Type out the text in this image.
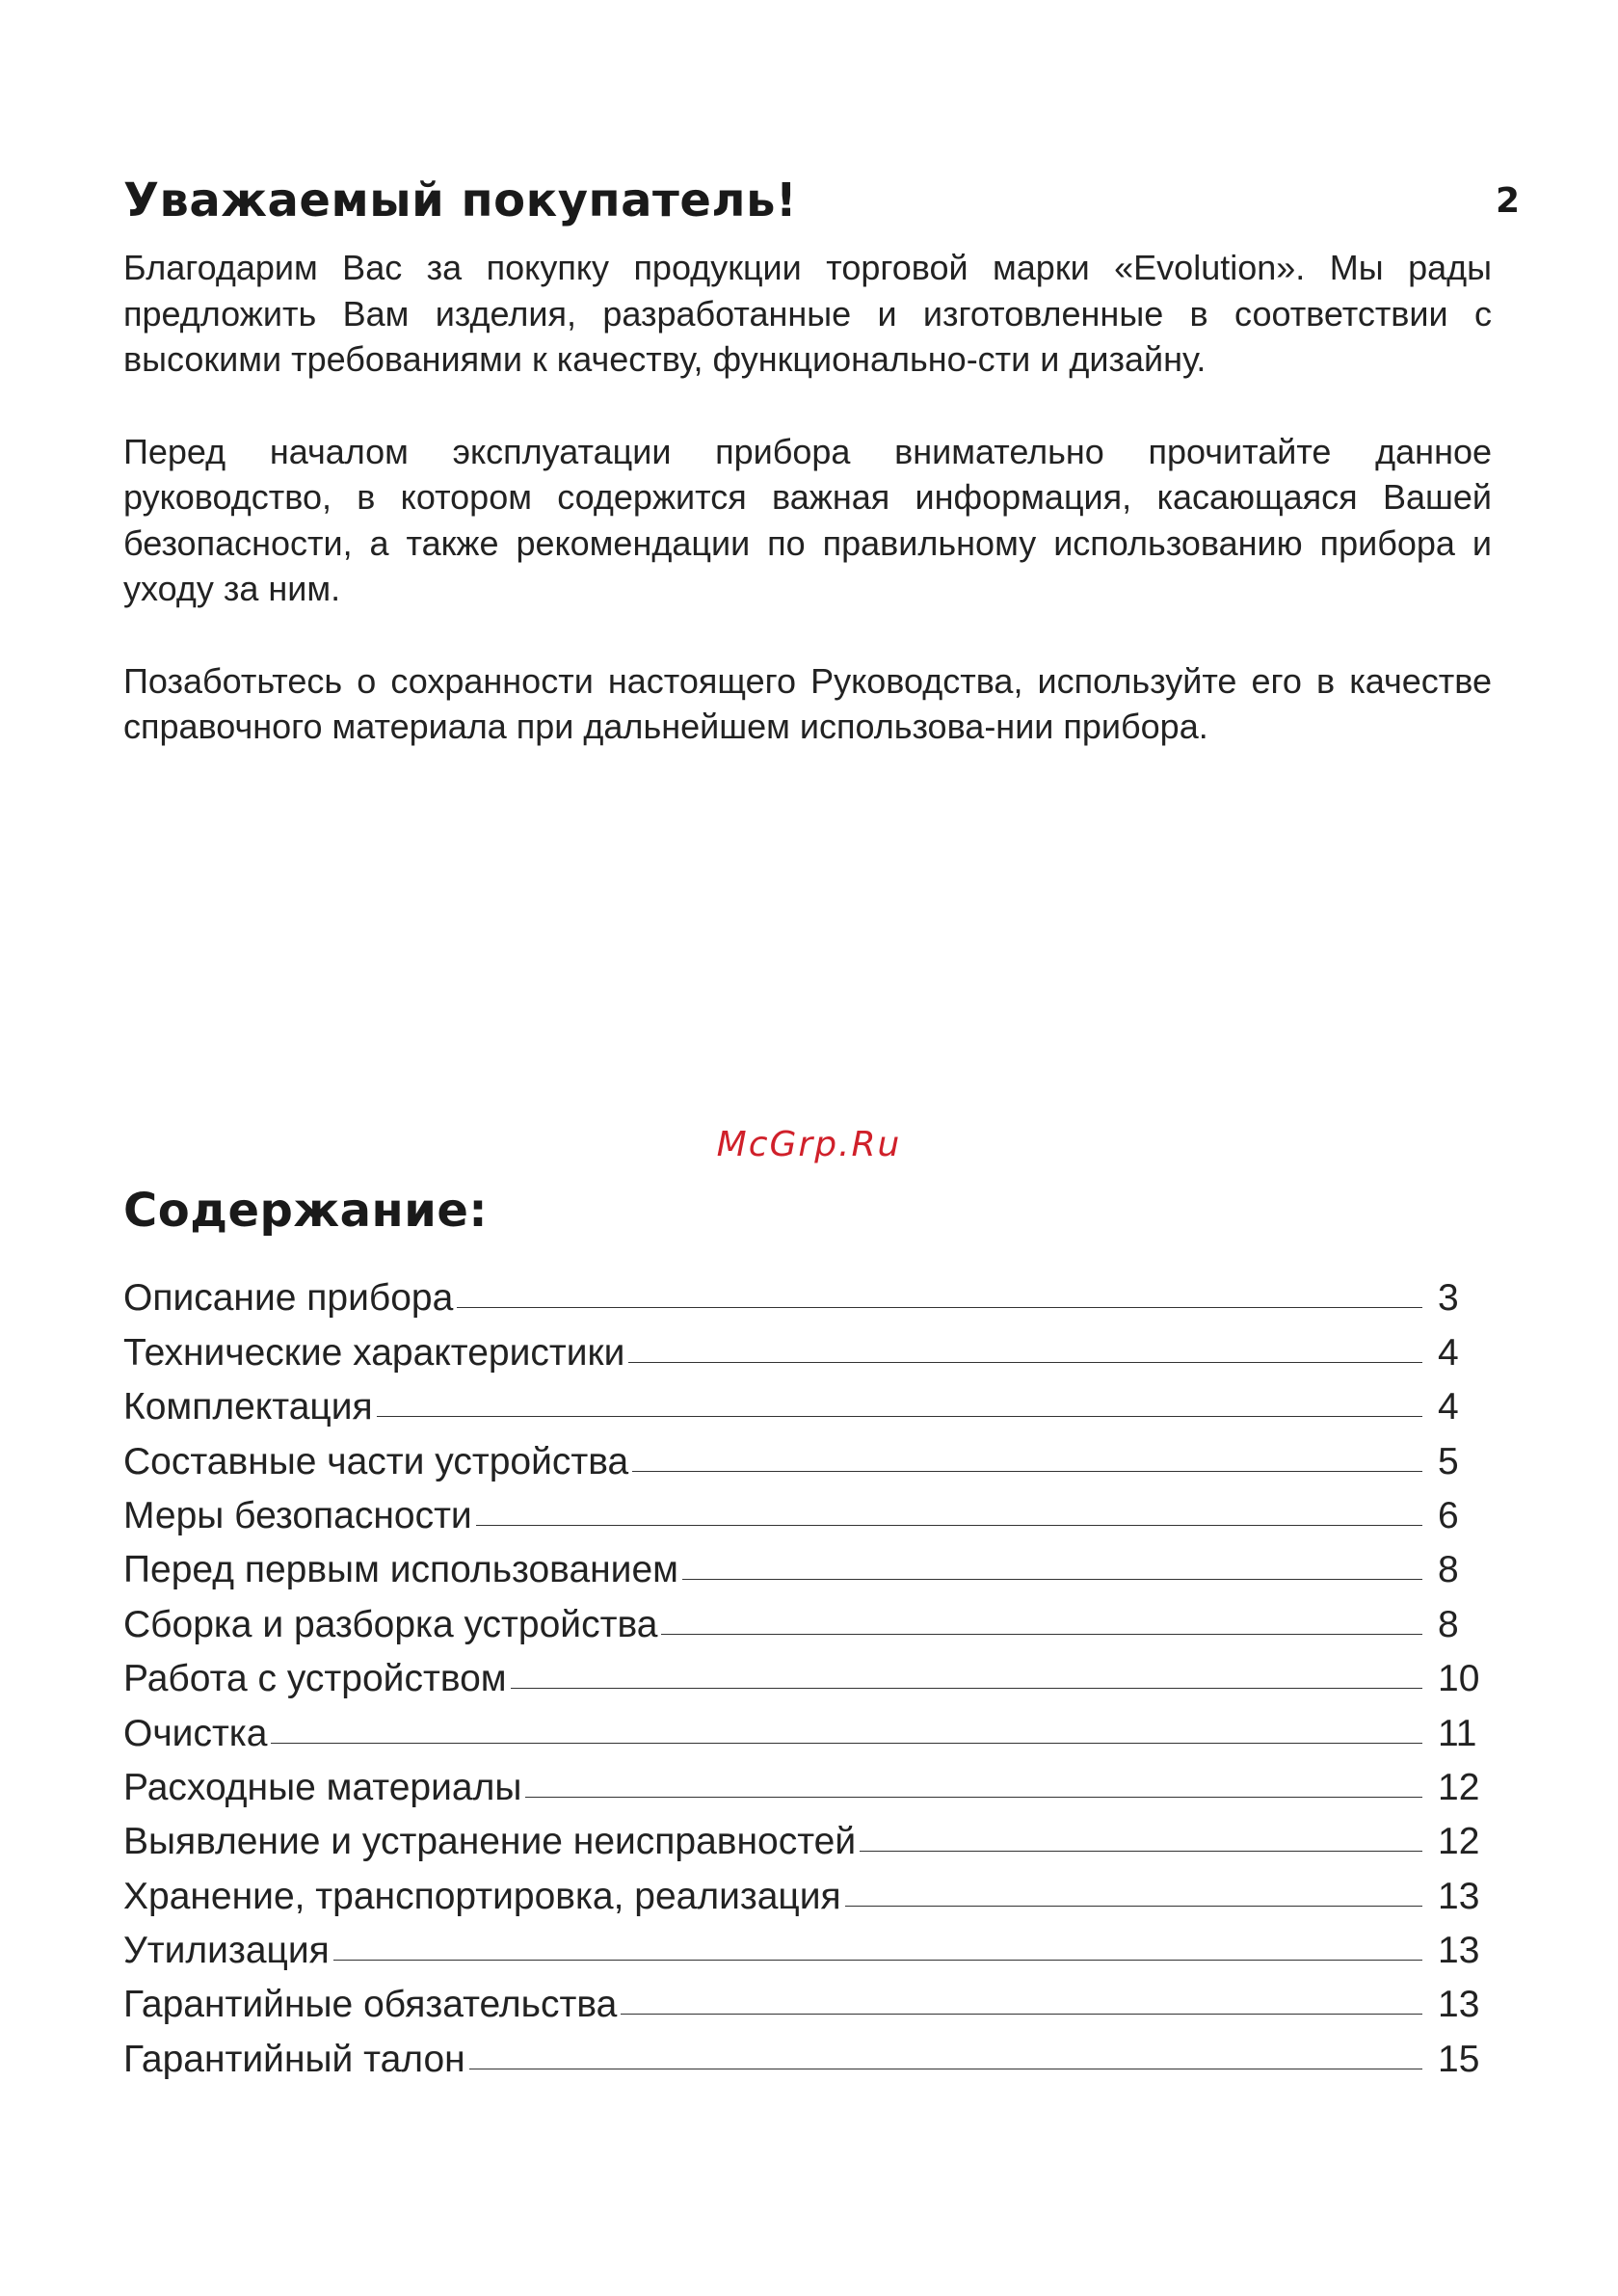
2
Уважаемый покупатель!

Благодарим Вас за покупку продукции торговой марки «Evolution». Мы рады предложить Вам изделия, разработанные и изготовленные в соответствии с высокими требованиями к качеству, функционально-сти и дизайну.

Перед началом эксплуатации прибора внимательно прочитайте данное руководство, в котором содержится важная информация, касающаяся Вашей безопасности, а также рекомендации по правильному использованию прибора и уходу за ним.

Позаботьтесь о сохранности настоящего Руководства, используйте его в качестве справочного материала при дальнейшем использова-нии прибора.

McGrp.Ru
Содержание:
Описание прибора	3
Технические характеристики	4
Комплектация	4
Составные части устройства	5
Меры безопасности	6
Перед первым использованием	8
Сборка и разборка устройства	8
Работа с устройством	10
Очистка	11
Расходные материалы	12
Выявление и устранение неисправностей	12
Хранение, транспортировка, реализация	13
Утилизация	13
Гарантийные обязательства	13
Гарантийный талон	15
